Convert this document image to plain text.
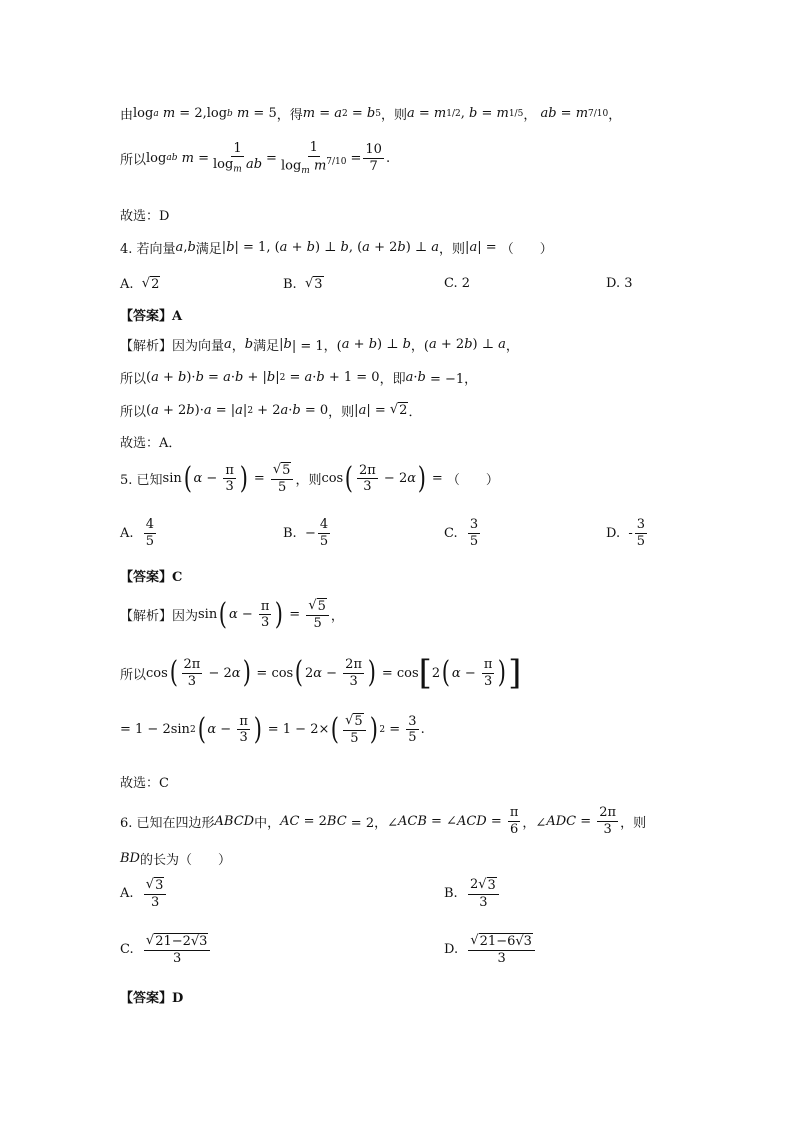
由 log a
m = 2,log b
m = 5 ，得 m = a 2 = b 5 ，则 a = m 1/2 , b = m 1/5 ， ab = m 7/10 ，
所以 log ab
$m = \frac{1}{\log_m ab} = \frac{1}{\log_m m^{7/10}} = \frac{10}{7}$ .
故选：D
4. 若向量 a , b 满足 | b | = 1, ( a + b ) ⊥ b , ( a + 2 b ) ⊥ a ，则 | a | = （　　）
A.
√ 2	B.
√ 3	C. 2	D. 3
【答案】A
【解析】因为向量 a ， b 满足 | b | = 1，( a + b ) ⊥ b ，( a + 2 b ) ⊥ a ，
所以 ( a + b )· b = a · b + | b | 2 = a · b + 1 = 0 ，即 a · b = −1，
所以 ( a + 2 b )· a = | a | 2 + 2 a · b = 0 ，则 | a | = √ 2 ．
故选：A．
5. 已知 sin ( $\alpha - \frac{\pi}{3}$ ) = $\frac{√ 5}{5}$ ，则 cos ( $\frac{2\pi}{3} - 2$ α ) = （　　）
A.
$\frac{4}{5}$	B. − $\frac{4}{5}$	C.
$\frac{3}{5}$	D. - $\frac{3}{5}$
【答案】C
【解析】因为 sin ( $\alpha - \frac{\pi}{3}$ ) = $\frac{√ 5}{5}$ ，
所以 cos ( $\frac{2\pi}{3} - 2$ α ) = cos ( 2 $\alpha - \frac{2\pi}{3}$ ) = cos [ 2 ( $\alpha - \frac{\pi}{3}$ ) ]
= 1 − 2sin 2 ( $\alpha - \frac{\pi}{3}$ ) = 1 − 2× ( $\frac{√ 5}{5}$ ) $2 = \frac{3}{5}$ .
故选：C
6. 已知在四边形 ABCD 中， AC = 2 BC = 2，∠ ACB = ∠ ACD = $\frac{\pi}{6}$ ，∠ ADC = $\frac{2\pi}{3}$ ，则
BD 的长为（　　）
A.
$\frac{√ 3}{3}$	B.
$\frac{2√ 3}{3}$
C.
$\frac{√ 21-2√3}{3}$	D.
$\frac{√ 21-6√3}{3}$
【答案】D
